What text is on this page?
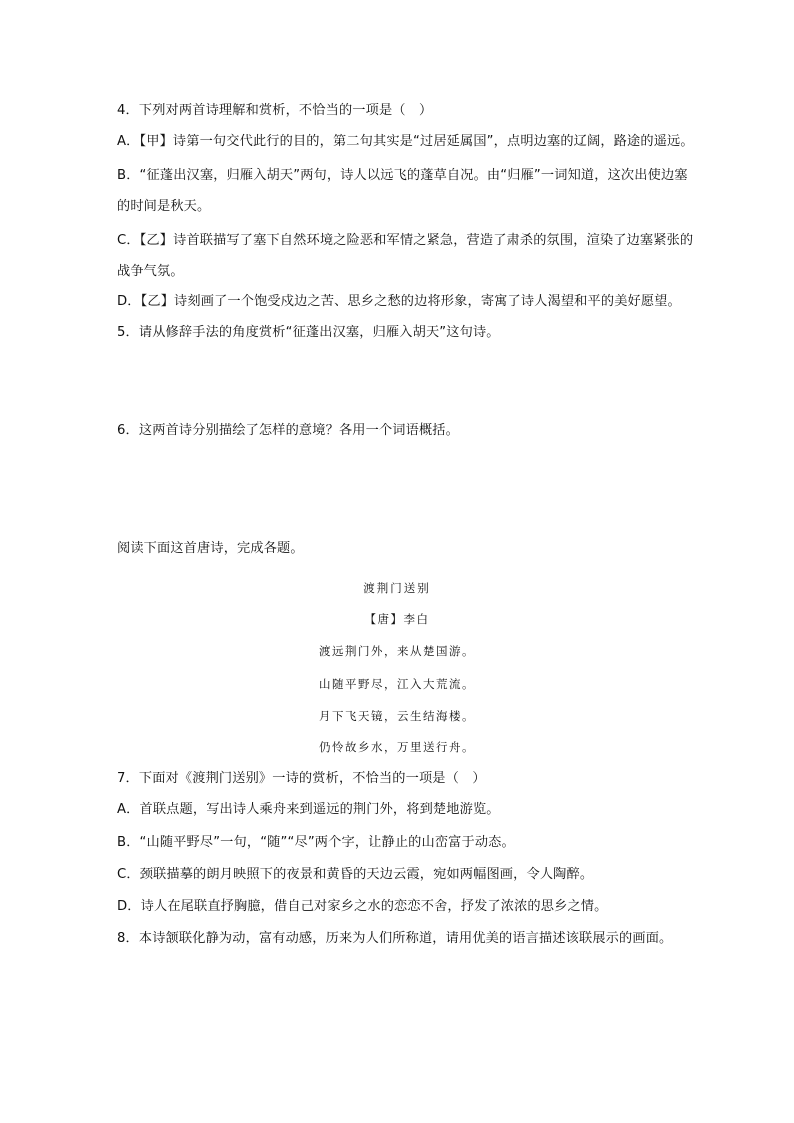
4．下列对两首诗理解和赏析，不恰当的一项是（　）
A．【甲】诗第一句交代此行的目的，第二句其实是“过居延属国”，点明边塞的辽阔，路途的遥远。
B．“征蓬出汉塞，归雁入胡天”两句，诗人以远飞的蓬草自况。由“归雁”一词知道，这次出使边塞的时间是秋天。
C．【乙】诗首联描写了塞下自然环境之险恶和军情之紧急，营造了肃杀的氛围，渲染了边塞紧张的战争气氛。
D．【乙】诗刻画了一个饱受戍边之苦、思乡之愁的边将形象，寄寓了诗人渴望和平的美好愿望。
5．请从修辞手法的角度赏析“征蓬出汉塞，归雁入胡天”这句诗。
6．这两首诗分别描绘了怎样的意境？各用一个词语概括。
阅读下面这首唐诗，完成各题。
渡荆门送别
【唐】李白
渡远荆门外，来从楚国游。
山随平野尽，江入大荒流。
月下飞天镜，云生结海楼。
仍怜故乡水，万里送行舟。
7．下面对《渡荆门送别》一诗的赏析，不恰当的一项是（　）
A．首联点题，写出诗人乘舟来到遥远的荆门外，将到楚地游览。
B．“山随平野尽”一句，“随”“尽”两个字，让静止的山峦富于动态。
C．颈联描摹的朗月映照下的夜景和黄昏的天边云霞，宛如两幅图画，令人陶醉。
D．诗人在尾联直抒胸臆，借自己对家乡之水的恋恋不舍，抒发了浓浓的思乡之情。
8．本诗颔联化静为动，富有动感，历来为人们所称道，请用优美的语言描述该联展示的画面。
